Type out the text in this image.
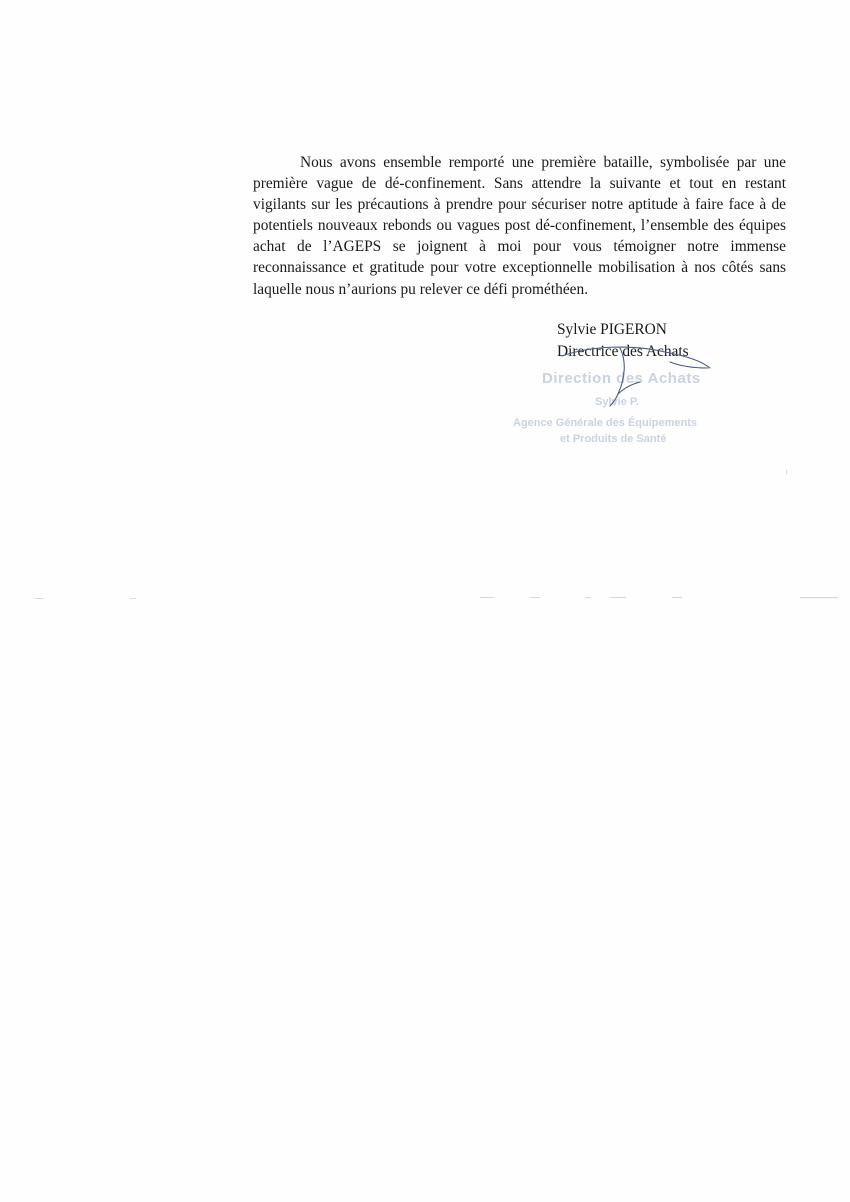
Nous avons ensemble remporté une première bataille, symbolisée par une première vague de dé-confinement. Sans attendre la suivante et tout en restant vigilants sur les précautions à prendre pour sécuriser notre aptitude à faire face à de potentiels nouveaux rebonds ou vagues post dé-confinement, l’ensemble des équipes achat de l’AGEPS se joignent à moi pour vous témoigner notre immense reconnaissance et gratitude pour votre exceptionnelle mobilisation à nos côtés sans laquelle nous n’aurions pu relever ce défi prométhéen.

Sylvie PIGERON
Directrice des Achats
Direction des Achats
Sylvie P.
Agence Générale des Équipements
et Produits de Santé
